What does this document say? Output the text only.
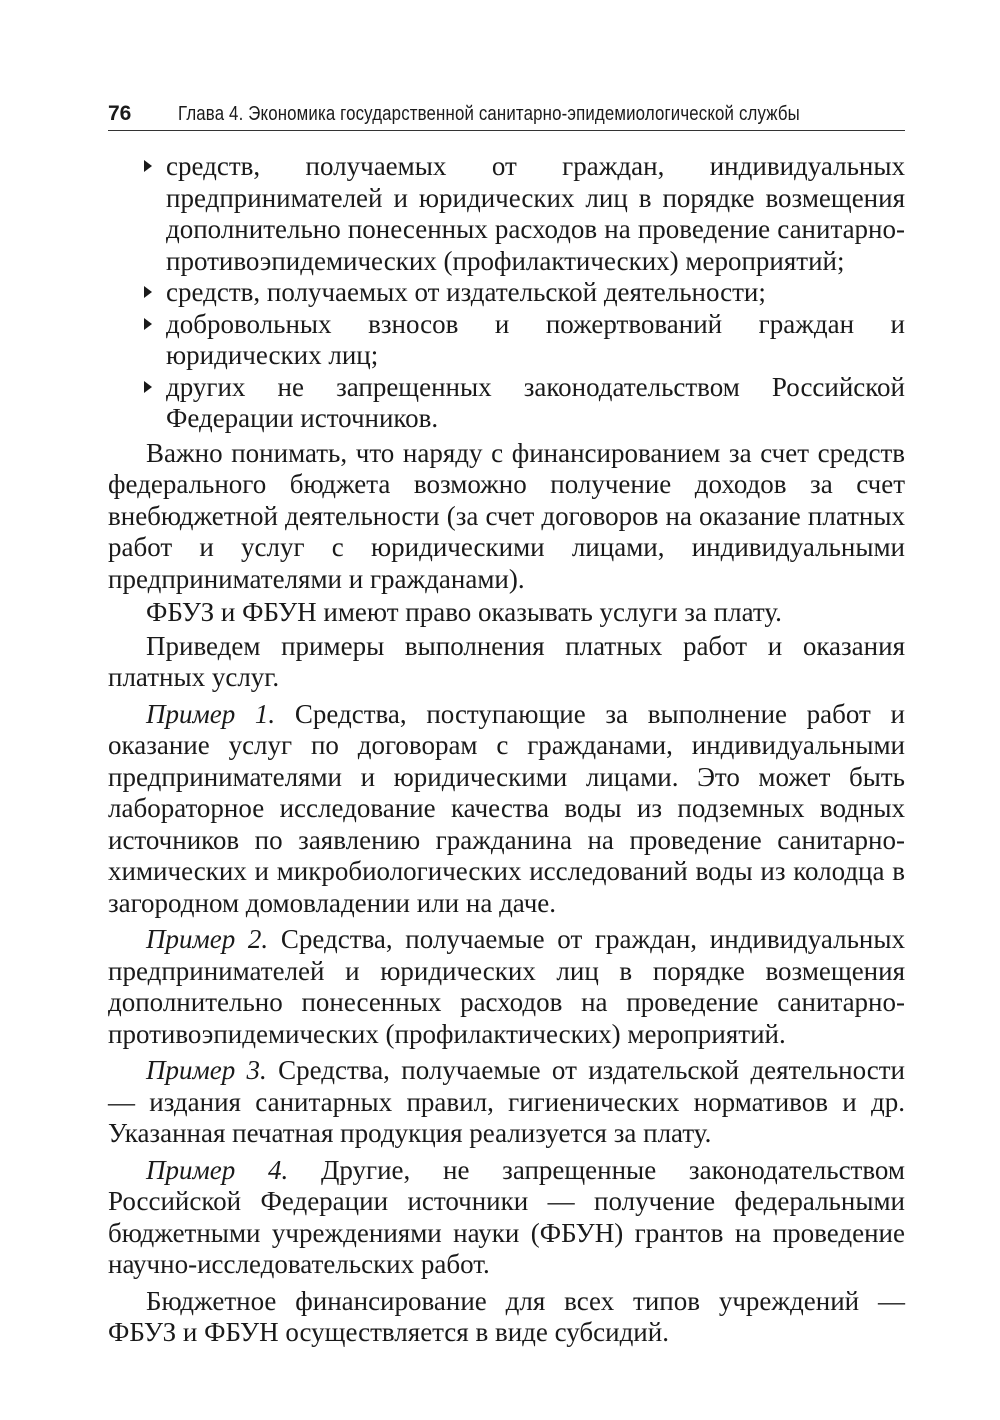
76 Глава 4. Экономика государственной санитарно-эпидемиологической службы
средств, получаемых от граждан, индивидуальных предпринимателей и юридических лиц в порядке возмещения дополнительно понесенных расходов на проведение санитарно-противоэпидемических (профилактических) мероприятий;
средств, получаемых от издательской деятельности;
добровольных взносов и пожертвований граждан и юридических лиц;
других не запрещенных законодательством Российской Федерации источников.

Важно понимать, что наряду с финансированием за счет средств федерального бюджета возможно получение доходов за счет внебюджетной деятельности (за счет договоров на оказание платных работ и услуг с юридическими лицами, индивидуальными предпринимателями и гражданами).

ФБУЗ и ФБУН имеют право оказывать услуги за плату.

Приведем примеры выполнения платных работ и оказания платных услуг.

Пример 1. Средства, поступающие за выполнение работ и оказание услуг по договорам с гражданами, индивидуальными предпринимателями и юридическими лицами. Это может быть лабораторное исследование качества воды из подземных водных источников по заявлению гражданина на проведение санитарно-химических и микробиологических исследований воды из колодца в загородном домовладении или на даче.

Пример 2. Средства, получаемые от граждан, индивидуальных предпринимателей и юридических лиц в порядке возмещения дополнительно понесенных расходов на проведение санитарно-противоэпидемических (профилактических) мероприятий.

Пример 3. Средства, получаемые от издательской деятельности — издания санитарных правил, гигиенических нормативов и др. Указанная печатная продукция реализуется за плату.

Пример 4. Другие, не запрещенные законодательством Российской Федерации источники — получение федеральными бюджетными учреждениями науки (ФБУН) грантов на проведение научно-исследовательских работ.

Бюджетное финансирование для всех типов учреждений — ФБУЗ и ФБУН осуществляется в виде субсидий.
